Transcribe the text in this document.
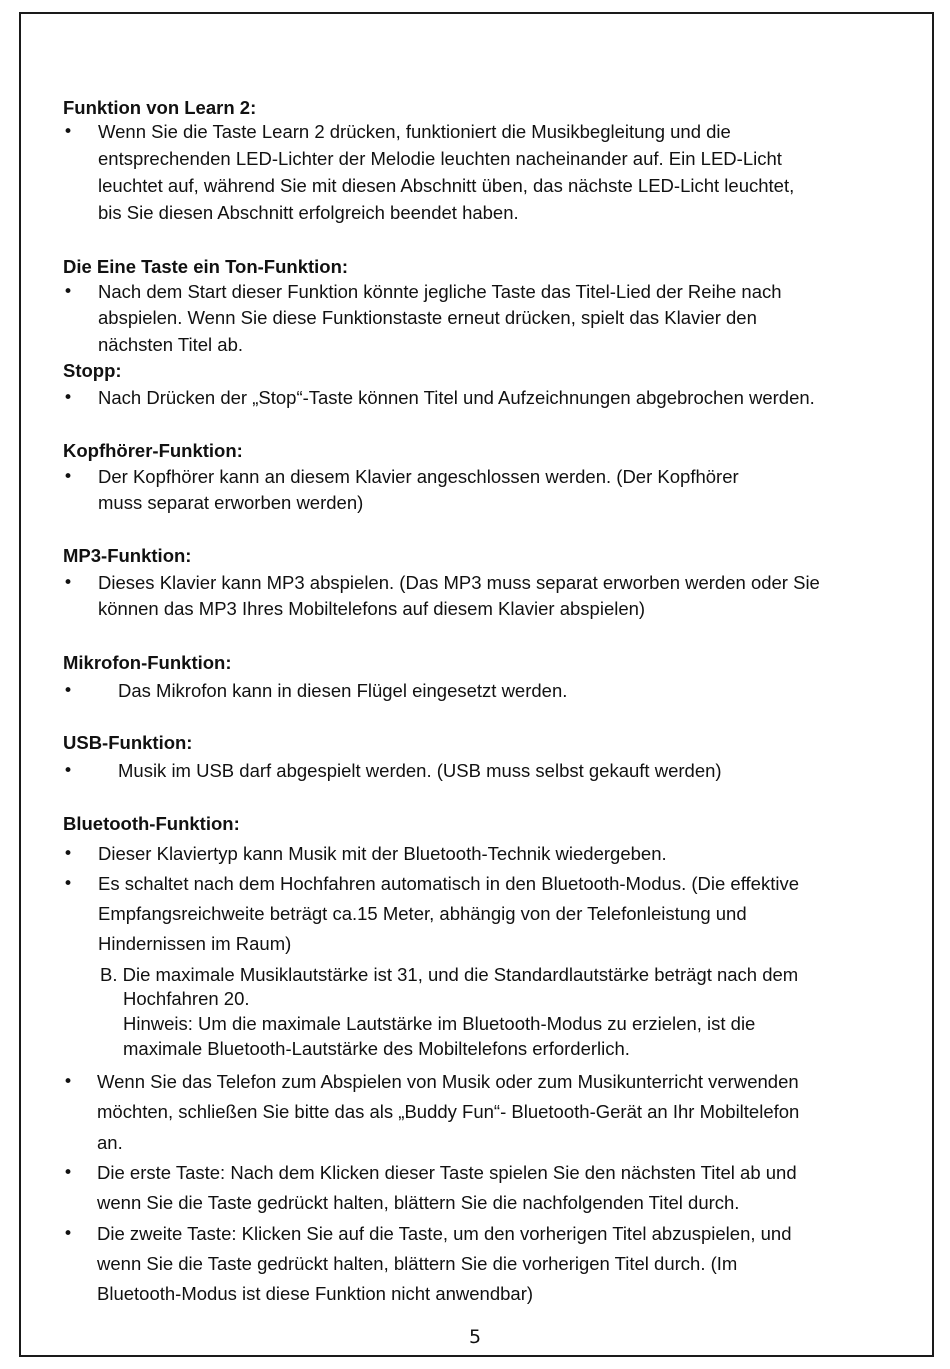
Funktion von Learn 2:
• Wenn Sie die Taste Learn 2 drücken, funktioniert die Musikbegleitung und die
entsprechenden LED-Lichter der Melodie leuchten nacheinander auf. Ein LED-Licht
leuchtet auf, während Sie mit diesen Abschnitt üben, das nächste LED-Licht leuchtet,
bis Sie diesen Abschnitt erfolgreich beendet haben.
Die Eine Taste ein Ton-Funktion:
• Nach dem Start dieser Funktion könnte jegliche Taste das Titel-Lied der Reihe nach
abspielen. Wenn Sie diese Funktionstaste erneut drücken, spielt das Klavier den
nächsten Titel ab.
Stopp:
• Nach Drücken der „Stop“-Taste können Titel und Aufzeichnungen abgebrochen werden.
Kopfhörer-Funktion:
• Der Kopfhörer kann an diesem Klavier angeschlossen werden. (Der Kopfhörer
muss separat erworben werden)
MP3-Funktion:
• Dieses Klavier kann MP3 abspielen. (Das MP3 muss separat erworben werden oder Sie
können das MP3 Ihres Mobiltelefons auf diesem Klavier abspielen)
Mikrofon-Funktion:
• Das Mikrofon kann in diesen Flügel eingesetzt werden.
USB-Funktion:
• Musik im USB darf abgespielt werden. (USB muss selbst gekauft werden)
Bluetooth-Funktion:
• Dieser Klaviertyp kann Musik mit der Bluetooth-Technik wiedergeben.
• Es schaltet nach dem Hochfahren automatisch in den Bluetooth-Modus. (Die effektive
Empfangsreichweite beträgt ca.15 Meter, abhängig von der Telefonleistung und
Hindernissen im Raum)
B. Die maximale Musiklautstärke ist 31, und die Standardlautstärke beträgt nach dem
Hochfahren 20.
Hinweis: Um die maximale Lautstärke im Bluetooth-Modus zu erzielen, ist die
maximale Bluetooth-Lautstärke des Mobiltelefons erforderlich.
• Wenn Sie das Telefon zum Abspielen von Musik oder zum Musikunterricht verwenden
möchten, schließen Sie bitte das als „Buddy Fun“- Bluetooth-Gerät an Ihr Mobiltelefon
an.
• Die erste Taste: Nach dem Klicken dieser Taste spielen Sie den nächsten Titel ab und
wenn Sie die Taste gedrückt halten, blättern Sie die nachfolgenden Titel durch.
• Die zweite Taste: Klicken Sie auf die Taste, um den vorherigen Titel abzuspielen, und
wenn Sie die Taste gedrückt halten, blättern Sie die vorherigen Titel durch. (Im
Bluetooth-Modus ist diese Funktion nicht anwendbar)
5
